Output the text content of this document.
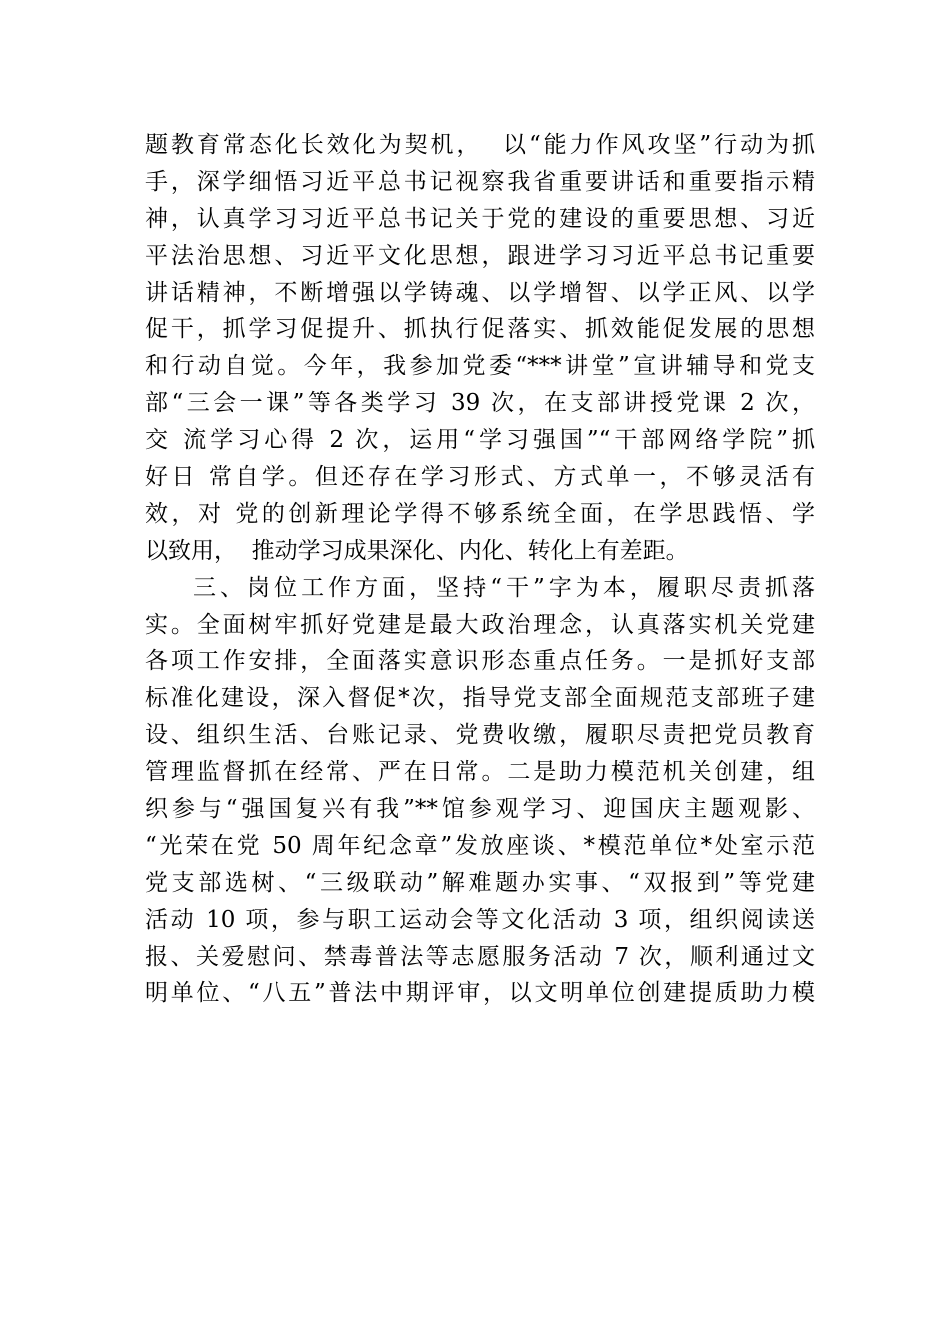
题教育常态化长效化为契机，  以“能力作风攻坚”行动为抓
手，深学细悟习近平总书记视察我省重要讲话和重要指示精
神，认真学习习近平总书记关于党的建设的重要思想、习近
平法治思想、习近平文化思想，跟进学习习近平总书记重要
讲话精神，不断增强以学铸魂、以学增智、以学正风、以学
促干，抓学习促提升、抓执行促落实、抓效能促发展的思想
和行动自觉。今年，我参加党委“***讲堂”宣讲辅导和党支
部“三会一课”等各类学习 39 次，在支部讲授党课 2 次，
交 流学习心得 2 次，运用“学习强国”“干部网络学院”抓
好日 常自学。但还存在学习形式、方式单一，不够灵活有
效，对 党的创新理论学得不够系统全面，在学思践悟、学
以致用，  推动学习成果深化、内化、转化上有差距。
三、岗位工作方面，坚持“干”字为本，履职尽责抓落
实。全面树牢抓好党建是最大政治理念，认真落实机关党建
各项工作安排，全面落实意识形态重点任务。一是抓好支部
标准化建设，深入督促*次，指导党支部全面规范支部班子建
设、组织生活、台账记录、党费收缴，履职尽责把党员教育
管理监督抓在经常、严在日常。二是助力模范机关创建，组
织参与“强国复兴有我”**馆参观学习、迎国庆主题观影、
“光荣在党 50 周年纪念章”发放座谈、*模范单位*处室示范
党支部选树、“三级联动”解难题办实事、“双报到”等党建
活动 10 项，参与职工运动会等文化活动 3 项，组织阅读送
报、关爱慰问、禁毒普法等志愿服务活动 7 次，顺利通过文
明单位、“八五”普法中期评审，以文明单位创建提质助力模
